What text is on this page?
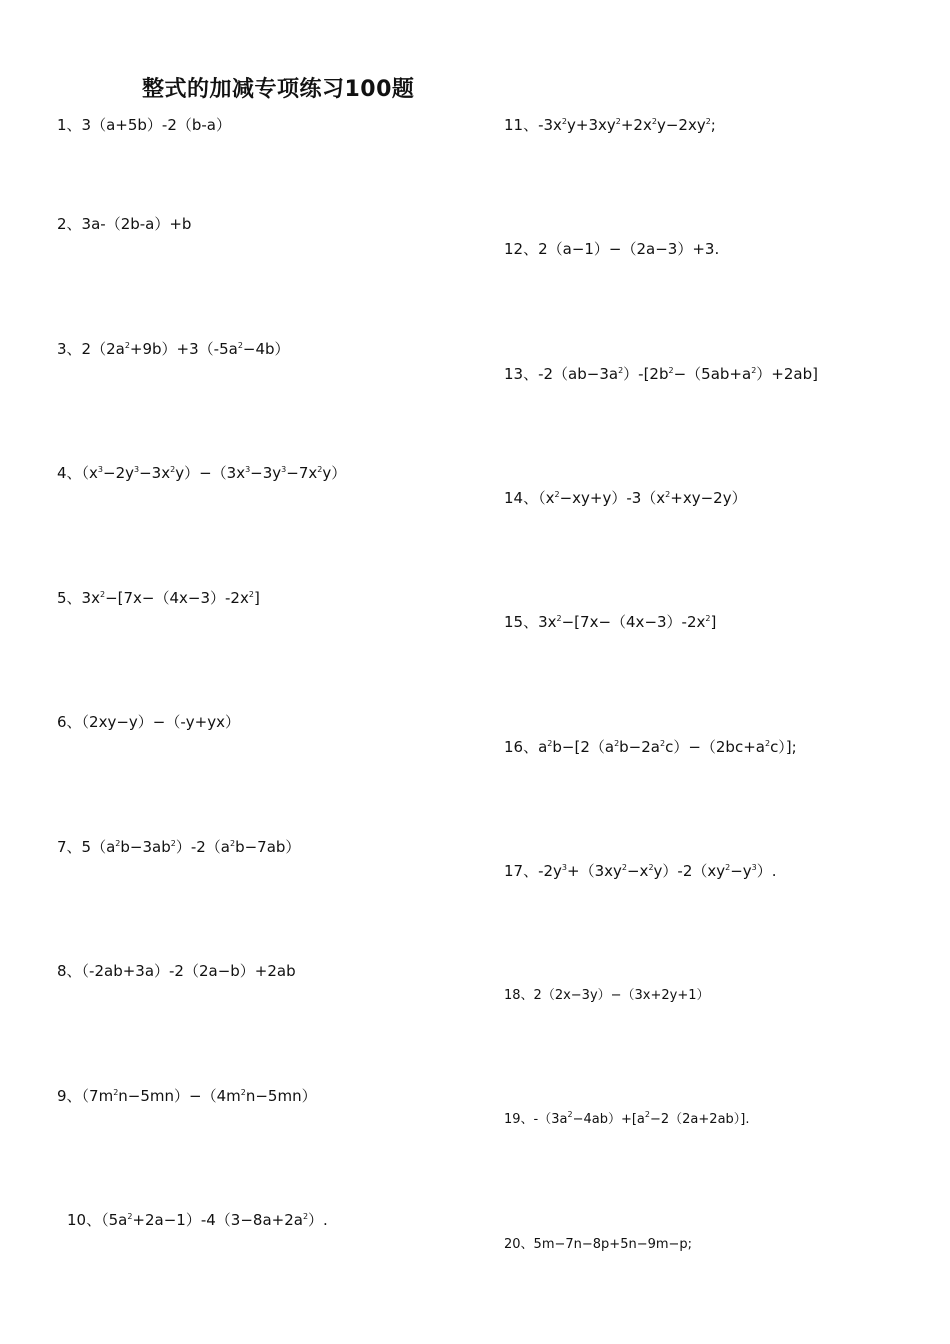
整式的加减专项练习100题
1、3（a+5b）-2（b-a）
2、3a-（2b-a）+b
3、$2(2a^2+9b)+3(-5a^2-4b)$
4、$(x^3-2y^3-3x^2y)-(3x^3-3y^3-7x^2y)$
5、$3x^2-[7x-(4x-3)-2x^2]$
6、（2xy−y）−（-y+yx）
7、$5(a^2b-3ab^2)-2(a^2b-7ab)$
8、（-2ab+3a）-2（2a−b）+2ab
9、$(7m^2n-5mn)-(4m^2n-5mn)$
10、$(5a^2+2a-1)-4(3-8a+2a^2)$.
11、$-3x^2y+3xy^2+2x^2y-2xy^2$;
12、2（a−1）−（2a−3）+3.
13、$-2(ab-3a^2)-[2b^2-(5ab+a^2)+2ab]$
14、$(x^2-xy+y)-3(x^2+xy-2y)$
15、$3x^2-[7x-(4x-3)-2x^2]$
16、$a^2b-[2(a^2b-2a^2c)-(2bc+a^2c)]$;
17、$-2y^3+(3xy^2-x^2y)-2(xy^2-y^3)$.
18、2（2x−3y）−（3x+2y+1）
19、$-(3a^2-4ab)+[a^2-2(2a+2ab)]$.
20、5m−7n−8p+5n−9m−p;
